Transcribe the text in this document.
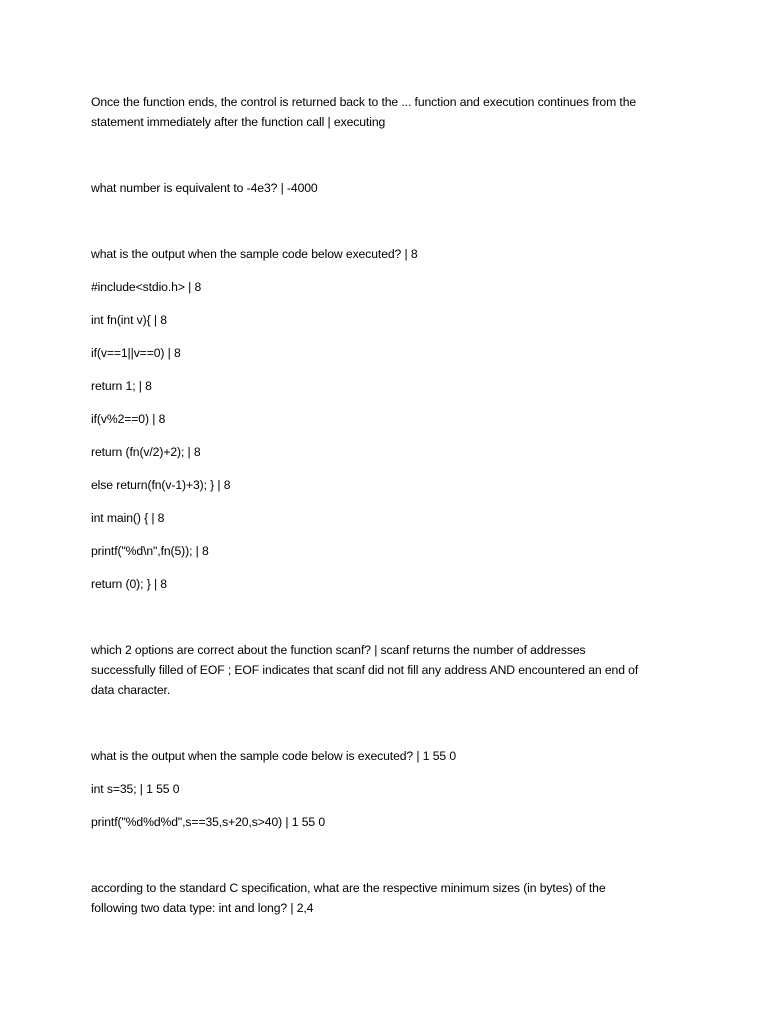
Once the function ends, the control is returned back to the ... function and execution continues from the
statement immediately after the function call | executing
what number is equivalent to -4e3? | -4000
what is the output when the sample code below executed? | 8
#include<stdio.h> | 8
int fn(int v){ | 8
if(v==1||v==0) | 8
return 1; | 8
if(v%2==0) | 8
return (fn(v/2)+2); | 8
else return(fn(v-1)+3); } | 8
int main() { | 8
printf("%d\n",fn(5)); | 8
return (0); } | 8
which 2 options are correct about the function scanf? | scanf returns the number of addresses
successfully filled of EOF ; EOF indicates that scanf did not fill any address AND encountered an end of
data character.
what is the output when the sample code below is executed? | 1 55 0
int s=35; | 1 55 0
printf("%d%d%d",s==35,s+20,s>40) | 1 55 0
according to the standard C specification, what are the respective minimum sizes (in bytes) of the
following two data type: int and long? | 2,4
